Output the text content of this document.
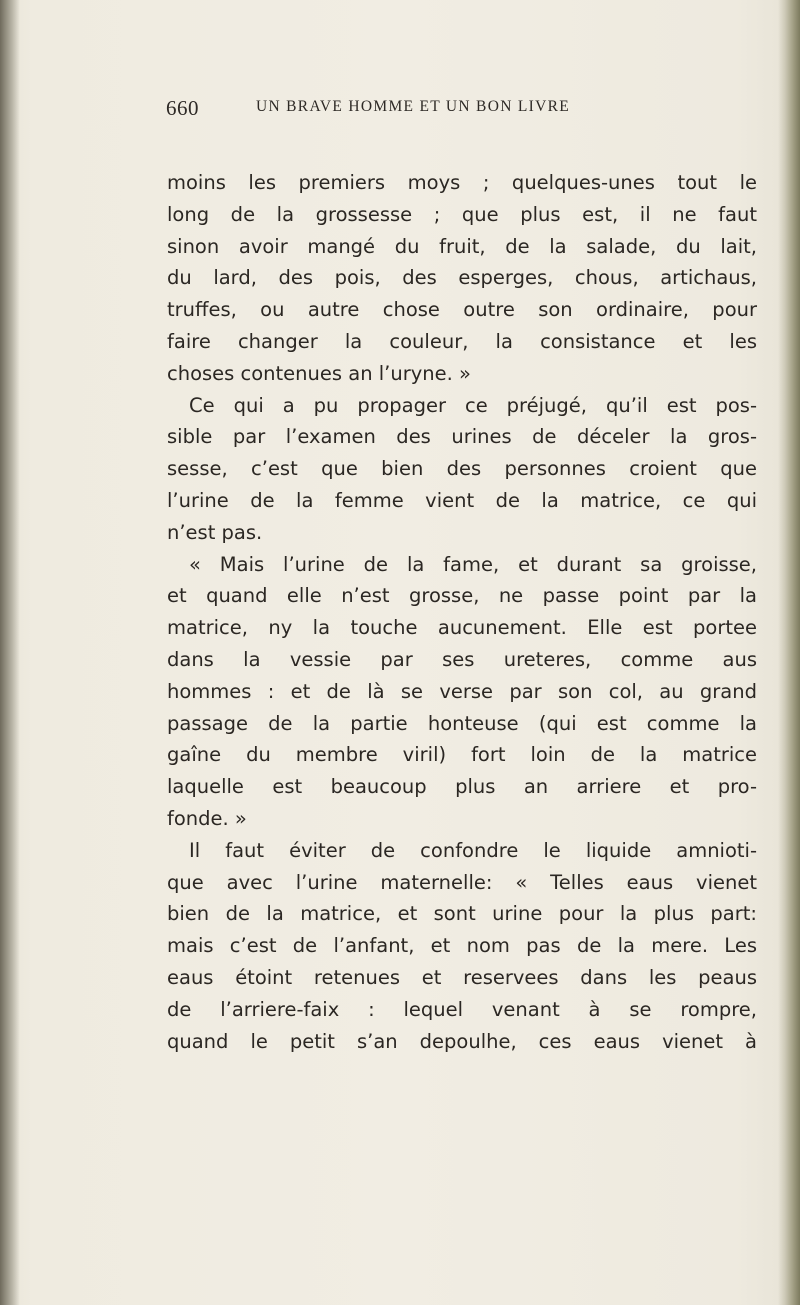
660	UN BRAVE HOMME ET UN BON LIVRE
moins les premiers moys ; quelques-unes tout le
long de la grossesse ; que plus est, il ne faut
sinon avoir mangé du fruit, de la salade, du lait,
du lard, des pois, des esperges, chous, artichaus,
truffes, ou autre chose outre son ordinaire, pour
faire changer la couleur, la consistance et les
choses contenues an l’uryne. »
Ce qui a pu propager ce préjugé, qu’il est pos-
sible par l’examen des urines de déceler la gros-
sesse, c’est que bien des personnes croient que
l’urine de la femme vient de la matrice, ce qui
n’est pas.
« Mais l’urine de la fame, et durant sa groisse,
et quand elle n’est grosse, ne passe point par la
matrice, ny la touche aucunement. Elle est portee
dans la vessie par ses ureteres, comme aus
hommes : et de là se verse par son col, au grand
passage de la partie honteuse (qui est comme la
gaîne du membre viril) fort loin de la matrice
laquelle est beaucoup plus an arriere et pro-
fonde. »
Il faut éviter de confondre le liquide amnioti-
que avec l’urine maternelle: « Telles eaus vienet
bien de la matrice, et sont urine pour la plus part:
mais c’est de l’anfant, et nom pas de la mere. Les
eaus étoint retenues et reservees dans les peaus
de l’arriere-faix : lequel venant à se rompre,
quand le petit s’an depoulhe, ces eaus vienet à
